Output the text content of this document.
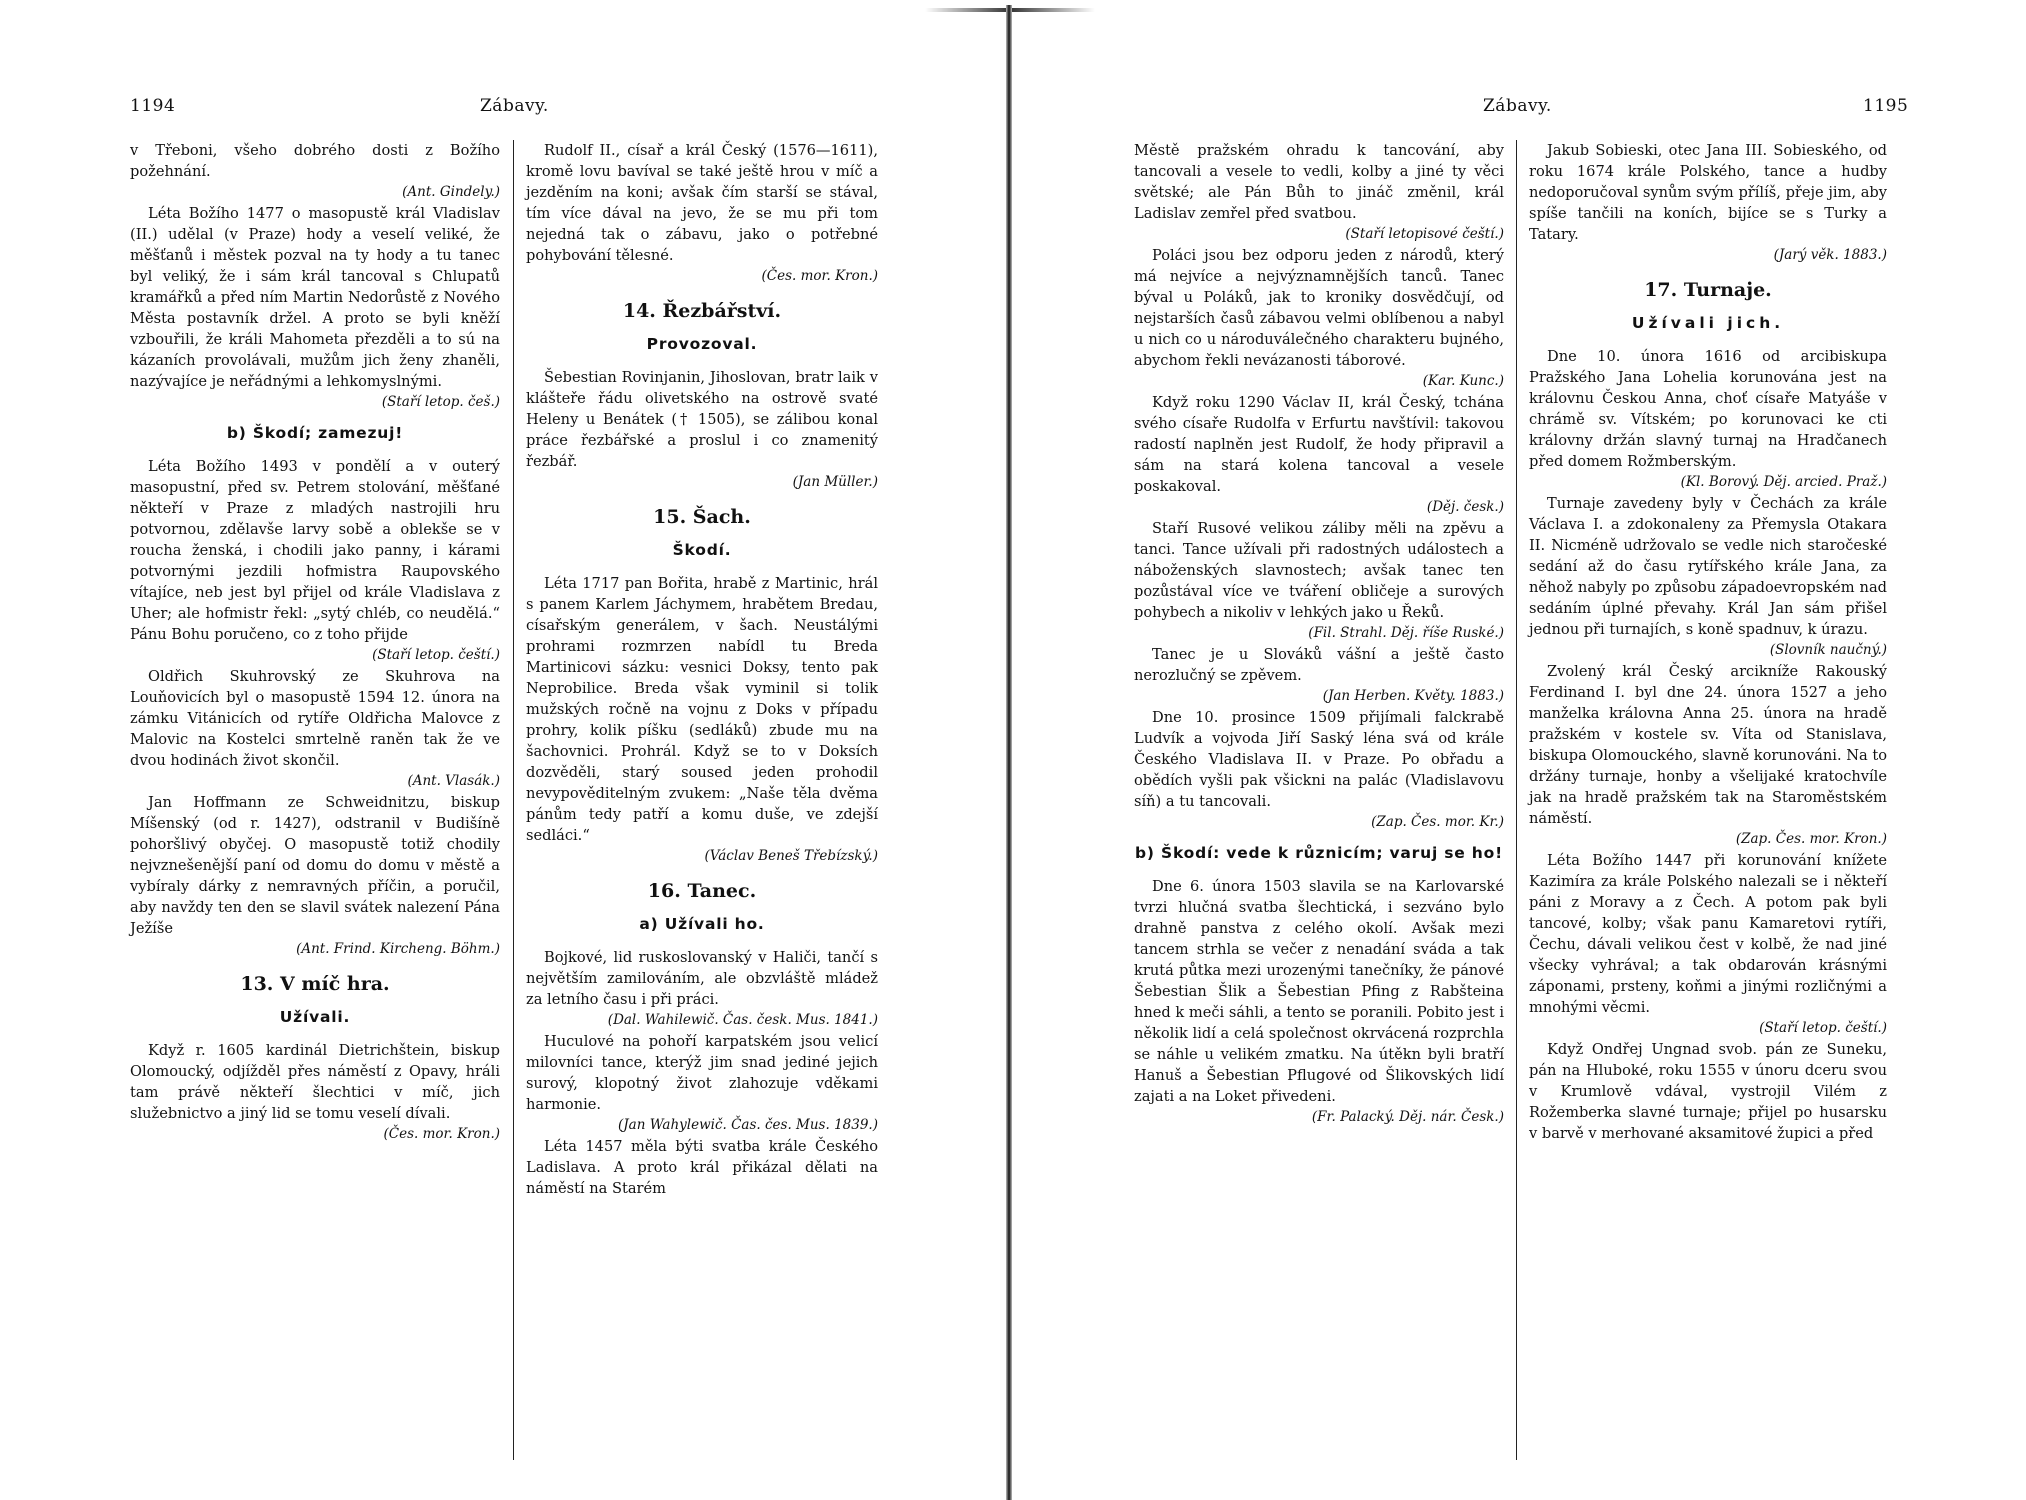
1194	Zábavy.

v Třeboni, všeho dobrého dosti z Božího požehnání.

(Ant. Gindely.)

Léta Božího 1477 o masopustě král Vladislav (II.) udělal (v Praze) hody a veselí veliké, že měšťanů i městek pozval na ty hody a tu tanec byl veliký, že i sám král tancoval s Chlupatů kramářků a před ním Martin Nedorůstě z Nového Města postavník držel. A proto se byli kněží vzbouřili, že králi Mahometa přezděli a to sú na kázaních provolávali, mužům jich ženy zhaněli, nazývajíce je neřádnými a lehkomyslnými.

(Staří letop. češ.)
b) Škodí; zamezuj!

Léta Božího 1493 v pondělí a v outerý masopustní, před sv. Petrem stolování, měšťané někteří v Praze z mladých nastrojili hru potvornou, zdělavše larvy sobě a oblekše se v roucha ženská, i chodili jako panny, i kárami potvornými jezdili hofmistra Raupovského vítajíce, neb jest byl přijel od krále Vladislava z Uher; ale hofmistr řekl: „sytý chléb, co neudělá.“ Pánu Bohu poručeno, co z toho přijde

(Staří letop. čeští.)

Oldřich Skuhrovský ze Skuhrova na Louňovicích byl o masopustě 1594 12. února na zámku Vitánicích od rytíře Oldřicha Malovce z Malovic na Kostelci smrtelně raněn tak že ve dvou hodinách život skončil.

(Ant. Vlasák.)

Jan Hoffmann ze Schweidnitzu, biskup Míšenský (od r. 1427), odstranil v Budišíně pohoršlivý obyčej. O masopustě totiž chodily nejvznešenější paní od domu do domu v městě a vybíraly dárky z nemravných příčin, a poručil, aby navždy ten den se slavil svátek nalezení Pána Ježíše

(Ant. Frind. Kircheng. Böhm.)
13. V míč hra.
Užívali.

Když r. 1605 kardinál Dietrichštein, biskup Olomoucký, odjížděl přes náměstí z Opavy, hráli tam právě někteří šlechtici v míč, jich služebnictvo a jiný lid se tomu veselí dívali.

(Čes. mor. Kron.)

Rudolf II., císař a král Český (1576—1611), kromě lovu bavíval se také ještě hrou v míč a jezděním na koni; avšak čím starší se stával, tím více dával na jevo, že se mu při tom nejedná tak o zábavu, jako o potřebné pohybování tělesné.

(Čes. mor. Kron.)
14. Řezbářství.
Provozoval.

Šebestian Rovinjanin, Jihoslovan, bratr laik v klášteře řádu olivetského na ostrově svaté Heleny u Benátek († 1505), se zálibou konal práce řezbářské a proslul i co znamenitý řezbář.

(Jan Müller.)
15. Šach.
Škodí.

Léta 1717 pan Bořita, hrabě z Martinic, hrál s panem Karlem Jáchymem, hrabětem Bredau, císařským generálem, v šach. Neustálými prohrami rozmrzen nabídl tu Breda Martinicovi sázku: vesnici Doksy, tento pak Neprobilice. Breda však vyminil si tolik mužských ročně na vojnu z Doks v případu prohry, kolik píšku (sedláků) zbude mu na šachovnici. Prohrál. Když se to v Doksích dozvěděli, starý soused jeden prohodil nevypověditelným zvukem: „Naše těla dvěma pánům tedy patří a komu duše, ve zdejší sedláci.“

(Václav Beneš Třebízský.)
16. Tanec.
a) Užívali ho.

Bojkové, lid ruskoslovanský v Haliči, tančí s největším zamilováním, ale obzvláště mládež za letního času i při práci.

(Dal. Wahilewič. Čas. česk. Mus. 1841.)

Huculové na pohoří karpatském jsou velicí milovníci tance, kterýž jim snad jediné jejich surový, klopotný život zlahozuje vděkami harmonie.

(Jan Wahylewič. Čas. čes. Mus. 1839.)

Léta 1457 měla býti svatba krále Českého Ladislava. A proto král přikázal dělati na náměstí na Starém

Zábavy.	1195

Městě pražském ohradu k tancování, aby tancovali a vesele to vedli, kolby a jiné ty věci světské; ale Pán Bůh to jináč změnil, král Ladislav zemřel před svatbou.

(Staří letopisové čeští.)

Poláci jsou bez odporu jeden z národů, který má nejvíce a nejvýznamnějších tanců. Tanec býval u Poláků, jak to kroniky dosvědčují, od nejstarších časů zábavou velmi oblíbenou a nabyl u nich co u národuválečného charakteru bujného, abychom řekli nevázanosti táborové.

(Kar. Kunc.)

Když roku 1290 Václav II, král Český, tchána svého císaře Rudolfa v Erfurtu navštívil: takovou radostí naplněn jest Rudolf, že hody připravil a sám na stará kolena tancoval a vesele poskakoval.

(Děj. česk.)

Staří Rusové velikou záliby měli na zpěvu a tanci. Tance užívali při radostných událostech a náboženských slavnostech; avšak tanec ten pozůstával více ve tváření obličeje a surových pohybech a nikoliv v lehkých jako u Řeků.

(Fil. Strahl. Děj. říše Ruské.)

Tanec je u Slováků vášní a ještě často nerozlučný se zpěvem.

(Jan Herben. Květy. 1883.)

Dne 10. prosince 1509 přijímali falckrabě Ludvík a vojvoda Jiří Saský léna svá od krále Českého Vladislava II. v Praze. Po obřadu a obědích vyšli pak všickni na palác (Vladislavovu síň) a tu tancovali.

(Zap. Čes. mor. Kr.)
b) Škodí: vede k různicím; varuj se ho!

Dne 6. února 1503 slavila se na Karlovarské tvrzi hlučná svatba šlechtická, i sezváno bylo drahně panstva z celého okolí. Avšak mezi tancem strhla se večer z nenadání sváda a tak krutá půtka mezi urozenými tanečníky, že pánové Šebestian Šlik a Šebestian Pfing z Rabšteina hned k meči sáhli, a tento se poranili. Pobito jest i několik lidí a celá společnost okrvácená rozprchla se náhle u velikém zmatku. Na útěkn byli bratří Hanuš a Šebestian Pflugové od Šlikovských lidí zajati a na Loket přivedeni.

(Fr. Palacký. Děj. nár. Česk.)

Jakub Sobieski, otec Jana III. Sobieského, od roku 1674 krále Polského, tance a hudby nedoporučoval synům svým přílíš, přeje jim, aby spíše tančili na koních, bijíce se s Turky a Tatary.

(Jarý věk. 1883.)
17. Turnaje.
Užívali jich.

Dne 10. února 1616 od arcibiskupa Pražského Jana Lohelia korunována jest na královnu Českou Anna, choť císaře Matyáše v chrámě sv. Vítském; po korunovaci ke cti královny držán slavný turnaj na Hradčanech před domem Rožmberským.

(Kl. Borový. Děj. arcied. Praž.)

Turnaje zavedeny byly v Čechách za krále Václava I. a zdokonaleny za Přemysla Otakara II. Nicméně udržovalo se vedle nich staročeské sedání až do času rytířského krále Jana, za něhož nabyly po způsobu západoevropském nad sedáním úplné převahy. Král Jan sám přišel jednou při turnajích, s koně spadnuv, k úrazu.

(Slovník naučný.)

Zvolený král Český arcikníže Rakouský Ferdinand I. byl dne 24. února 1527 a jeho manželka královna Anna 25. února na hradě pražském v kostele sv. Víta od Stanislava, biskupa Olomouckého, slavně korunováni. Na to držány turnaje, honby a všelijaké kratochvíle jak na hradě pražském tak na Staroměstském náměstí.

(Zap. Čes. mor. Kron.)

Léta Božího 1447 při korunování knížete Kazimíra za krále Polského nalezali se i někteří páni z Moravy a z Čech. A potom pak byli tancové, kolby; však panu Kamaretovi rytíři, Čechu, dávali velikou čest v kolbě, že nad jiné všecky vyhrával; a tak obdarován krásnými záponami, prsteny, koňmi a jinými rozličnými a mnohými věcmi.

(Staří letop. čeští.)

Když Ondřej Ungnad svob. pán ze Suneku, pán na Hluboké, roku 1555 v únoru dceru svou v Krumlově vdával, vystrojil Vilém z Rožemberka slavné turnaje; přijel po husarsku v barvě v merhované aksamitové župici a před
